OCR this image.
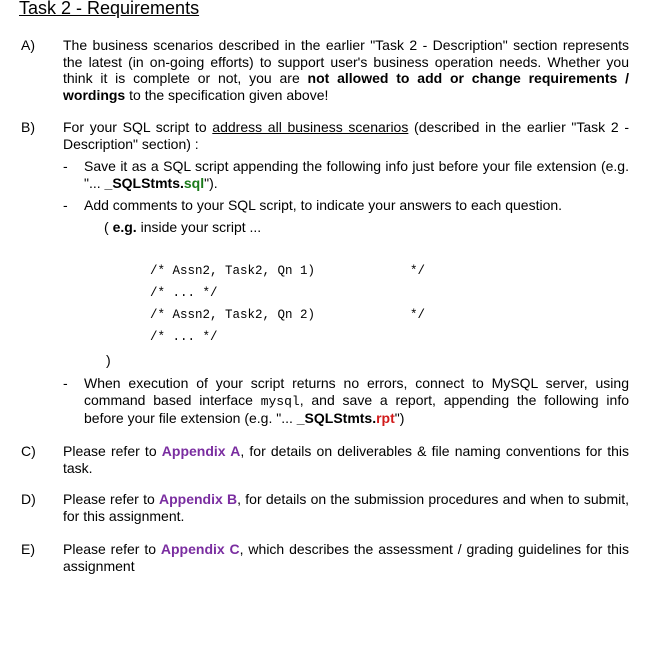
Task 2 - Requirements
A) The business scenarios described in the earlier "Task 2 - Description" section represents the latest (in on-going efforts) to support user's business operation needs. Whether you think it is complete or not, you are not allowed to add or change requirements / wordings to the specification given above!
B) For your SQL script to address all business scenarios (described in the earlier "Task 2 - Description" section) :
- Save it as a SQL script appending the following info just before your file extension (e.g. "... _SQLStmts.sql").
- Add comments to your SQL script, to indicate your answers to each question.
( e.g. inside your script ...
/* Assn2, Task2, Qn 1)	*/
/* ... */
/* Assn2, Task2, Qn 2)	*/
/* ... */
)
- When execution of your script returns no errors, connect to MySQL server, using command based interface mysql, and save a report, appending the following info before your file extension (e.g. "... _SQLStmts.rpt")
C) Please refer to Appendix A, for details on deliverables & file naming conventions for this task.
D) Please refer to Appendix B, for details on the submission procedures and when to submit, for this assignment.
E) Please refer to Appendix C, which describes the assessment / grading guidelines for this assignment
